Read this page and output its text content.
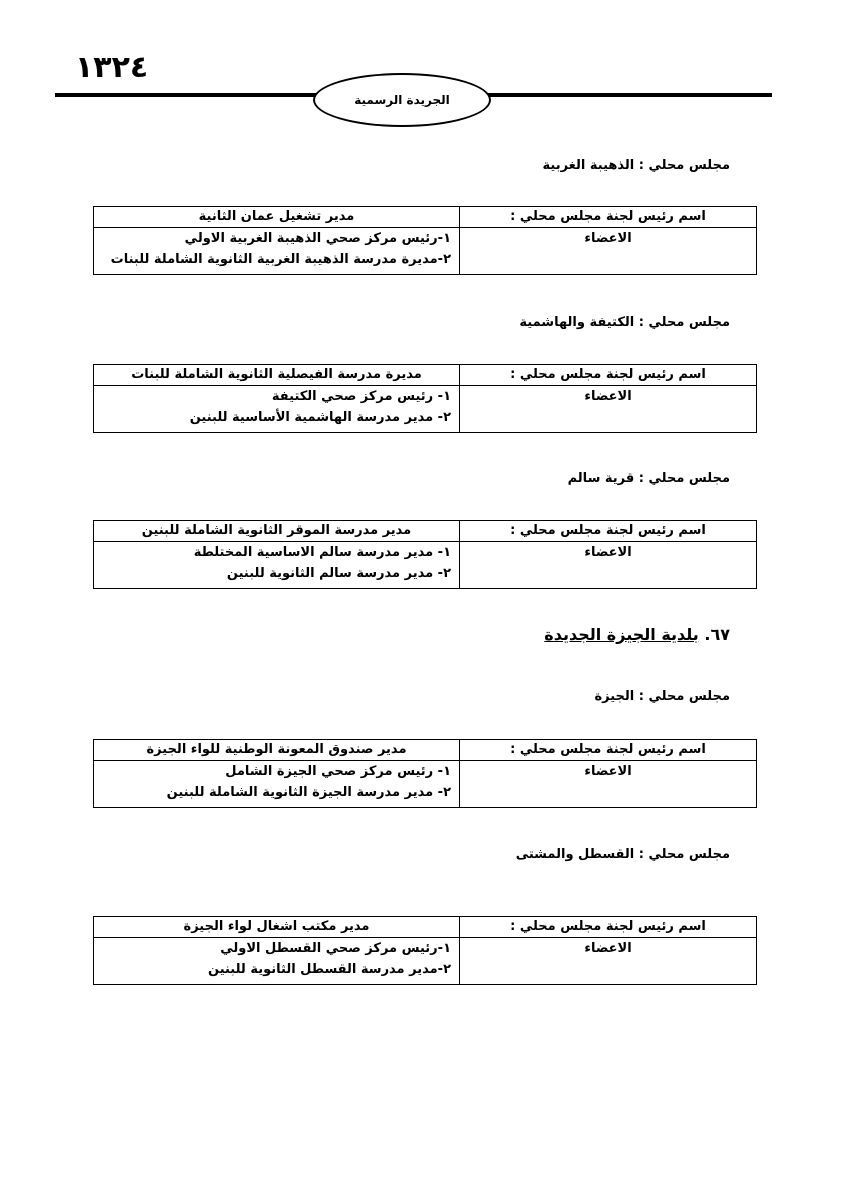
١٣٢٤
الجريدة الرسمية
مجلس محلي : الذهيبة الغربية
اسم رئيس لجنة مجلس محلي :	مدير تشغيل عمان الثانية
الاعضاء	١-رئيس مركز صحي الذهيبة الغربية الاولي
٢-مديرة مدرسة الذهيبة الغربية الثانوية الشاملة للبنات
مجلس محلي : الكتيفة والهاشمية
اسم رئيس لجنة مجلس محلي :	مديرة مدرسة الفيصلية الثانوية الشاملة للبنات
الاعضاء	١- رئيس مركز صحي الكتيفة
٢- مدير مدرسة الهاشمية الأساسية للبنين
مجلس محلي : قرية سالم
اسم رئيس لجنة مجلس محلي :	مدير مدرسة الموقر الثانوية الشاملة للبنين
الاعضاء	١- مدير مدرسة سالم الاساسية المختلطة
٢- مدير مدرسة سالم الثانوية للبنين
٦٧. بلدية الجيزة الجديدة
مجلس محلي : الجيزة
اسم رئيس لجنة مجلس محلي :	مدير صندوق المعونة الوطنية للواء الجيزة
الاعضاء	١- رئيس مركز صحي الجيزة الشامل
٢- مدير مدرسة الجيزة الثانوية الشاملة للبنين
مجلس محلي : القسطل والمشتى
اسم رئيس لجنة مجلس محلي :	مدير مكتب اشغال لواء الجيزة
الاعضاء	١-رئيس مركز صحي القسطل الاولي
٢-مدير مدرسة القسطل الثانوية للبنين
